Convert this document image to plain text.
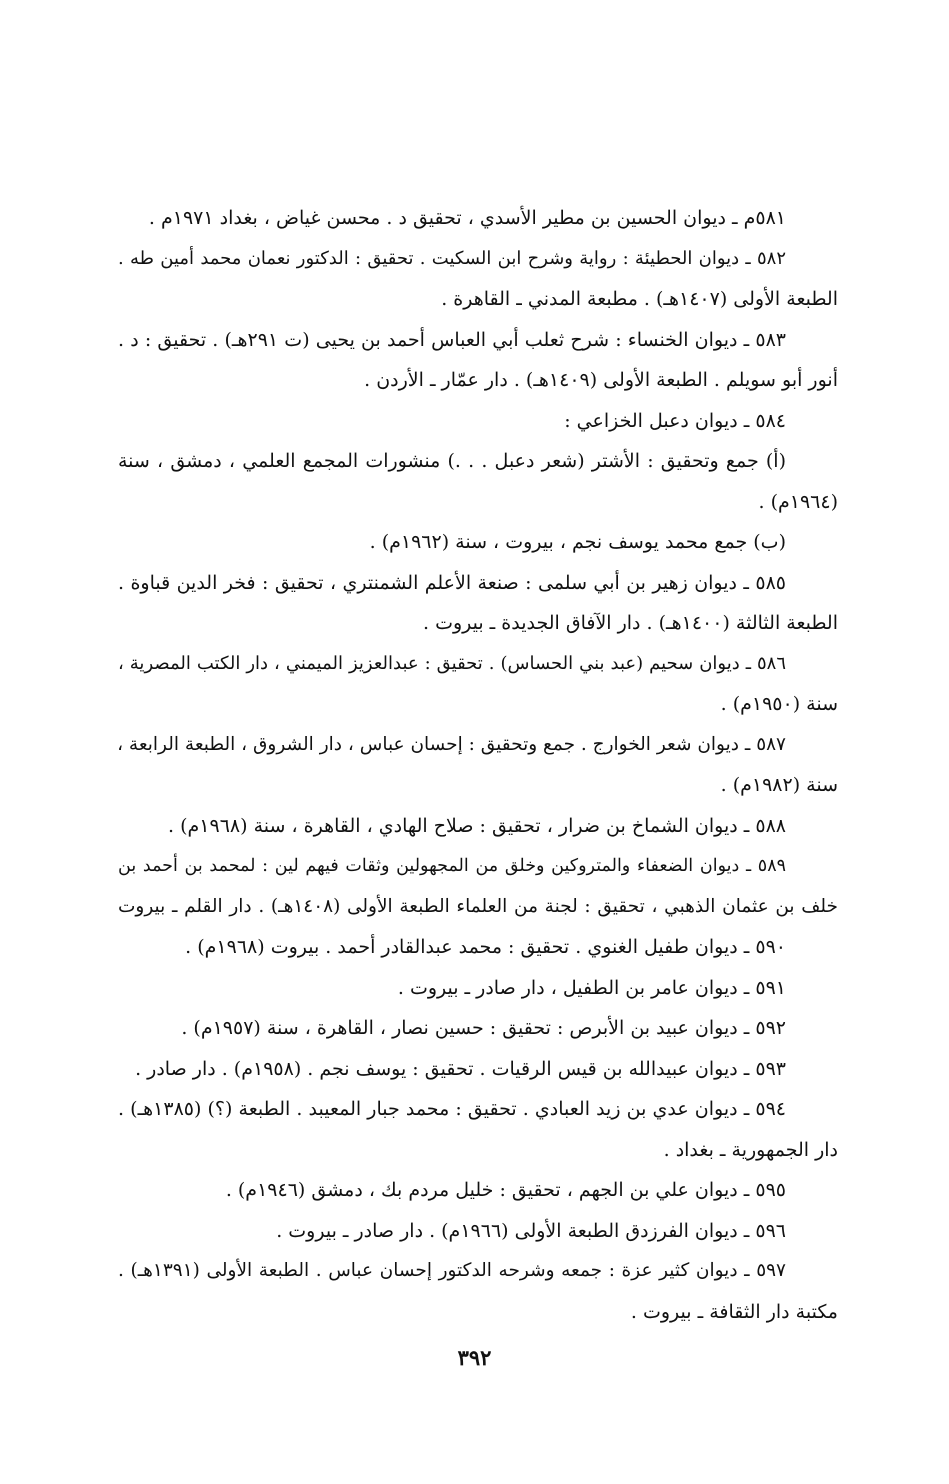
٥٨١م ـ ديوان الحسين بن مطير الأسدي ، تحقيق د . محسن غياض ، بغداد ١٩٧١م .
٥٨٢ ـ ديوان الحطيئة : رواية وشرح ابن السكيت . تحقيق : الدكتور نعمان محمد أمين طه .
الطبعة الأولى (١٤٠٧هـ) . مطبعة المدني ـ القاهرة .
٥٨٣ ـ ديوان الخنساء : شرح ثعلب أبي العباس أحمد بن يحيى (ت ٢٩١هـ) . تحقيق : د .
أنور أبو سويلم . الطبعة الأولى (١٤٠٩هـ) . دار عمّار ـ الأردن .
٥٨٤ ـ ديوان دعبل الخزاعي :
(أ) جمع وتحقيق : الأشتر (شعر دعبل . . .) منشورات المجمع العلمي ، دمشق ، سنة
(١٩٦٤م) .
(ب) جمع محمد يوسف نجم ، بيروت ، سنة (١٩٦٢م) .
٥٨٥ ـ ديوان زهير بن أبي سلمى : صنعة الأعلم الشمنتري ، تحقيق : فخر الدين قباوة .
الطبعة الثالثة (١٤٠٠هـ) . دار الآفاق الجديدة ـ بيروت .
٥٨٦ ـ ديوان سحيم (عبد بني الحساس) . تحقيق : عبدالعزيز الميمني ، دار الكتب المصرية ،
سنة (١٩٥٠م) .
٥٨٧ ـ ديوان شعر الخوارج . جمع وتحقيق : إحسان عباس ، دار الشروق ، الطبعة الرابعة ،
سنة (١٩٨٢م) .
٥٨٨ ـ ديوان الشماخ بن ضرار ، تحقيق : صلاح الهادي ، القاهرة ، سنة (١٩٦٨م) .
٥٨٩ ـ ديوان الضعفاء والمتروكين وخلق من المجهولين وثقات فيهم لين : لمحمد بن أحمد بن
خلف بن عثمان الذهبي ، تحقيق : لجنة من العلماء الطبعة الأولى (١٤٠٨هـ) . دار القلم ـ بيروت
٥٩٠ ـ ديوان طفيل الغنوي . تحقيق : محمد عبدالقادر أحمد . بيروت (١٩٦٨م) .
٥٩١ ـ ديوان عامر بن الطفيل ، دار صادر ـ بيروت .
٥٩٢ ـ ديوان عبيد بن الأبرص : تحقيق : حسين نصار ، القاهرة ، سنة (١٩٥٧م) .
٥٩٣ ـ ديوان عبيدالله بن قيس الرقيات . تحقيق : يوسف نجم . (١٩٥٨م) . دار صادر .
٥٩٤ ـ ديوان عدي بن زيد العبادي . تحقيق : محمد جبار المعيبد . الطبعة (؟) (١٣٨٥هـ) .
دار الجمهورية ـ بغداد .
٥٩٥ ـ ديوان علي بن الجهم ، تحقيق : خليل مردم بك ، دمشق (١٩٤٦م) .
٥٩٦ ـ ديوان الفرزدق الطبعة الأولى (١٩٦٦م) . دار صادر ـ بيروت .
٥٩٧ ـ ديوان كثير عزة : جمعه وشرحه الدكتور إحسان عباس . الطبعة الأولى (١٣٩١هـ) .
مكتبة دار الثقافة ـ بيروت .
٣٩٢
